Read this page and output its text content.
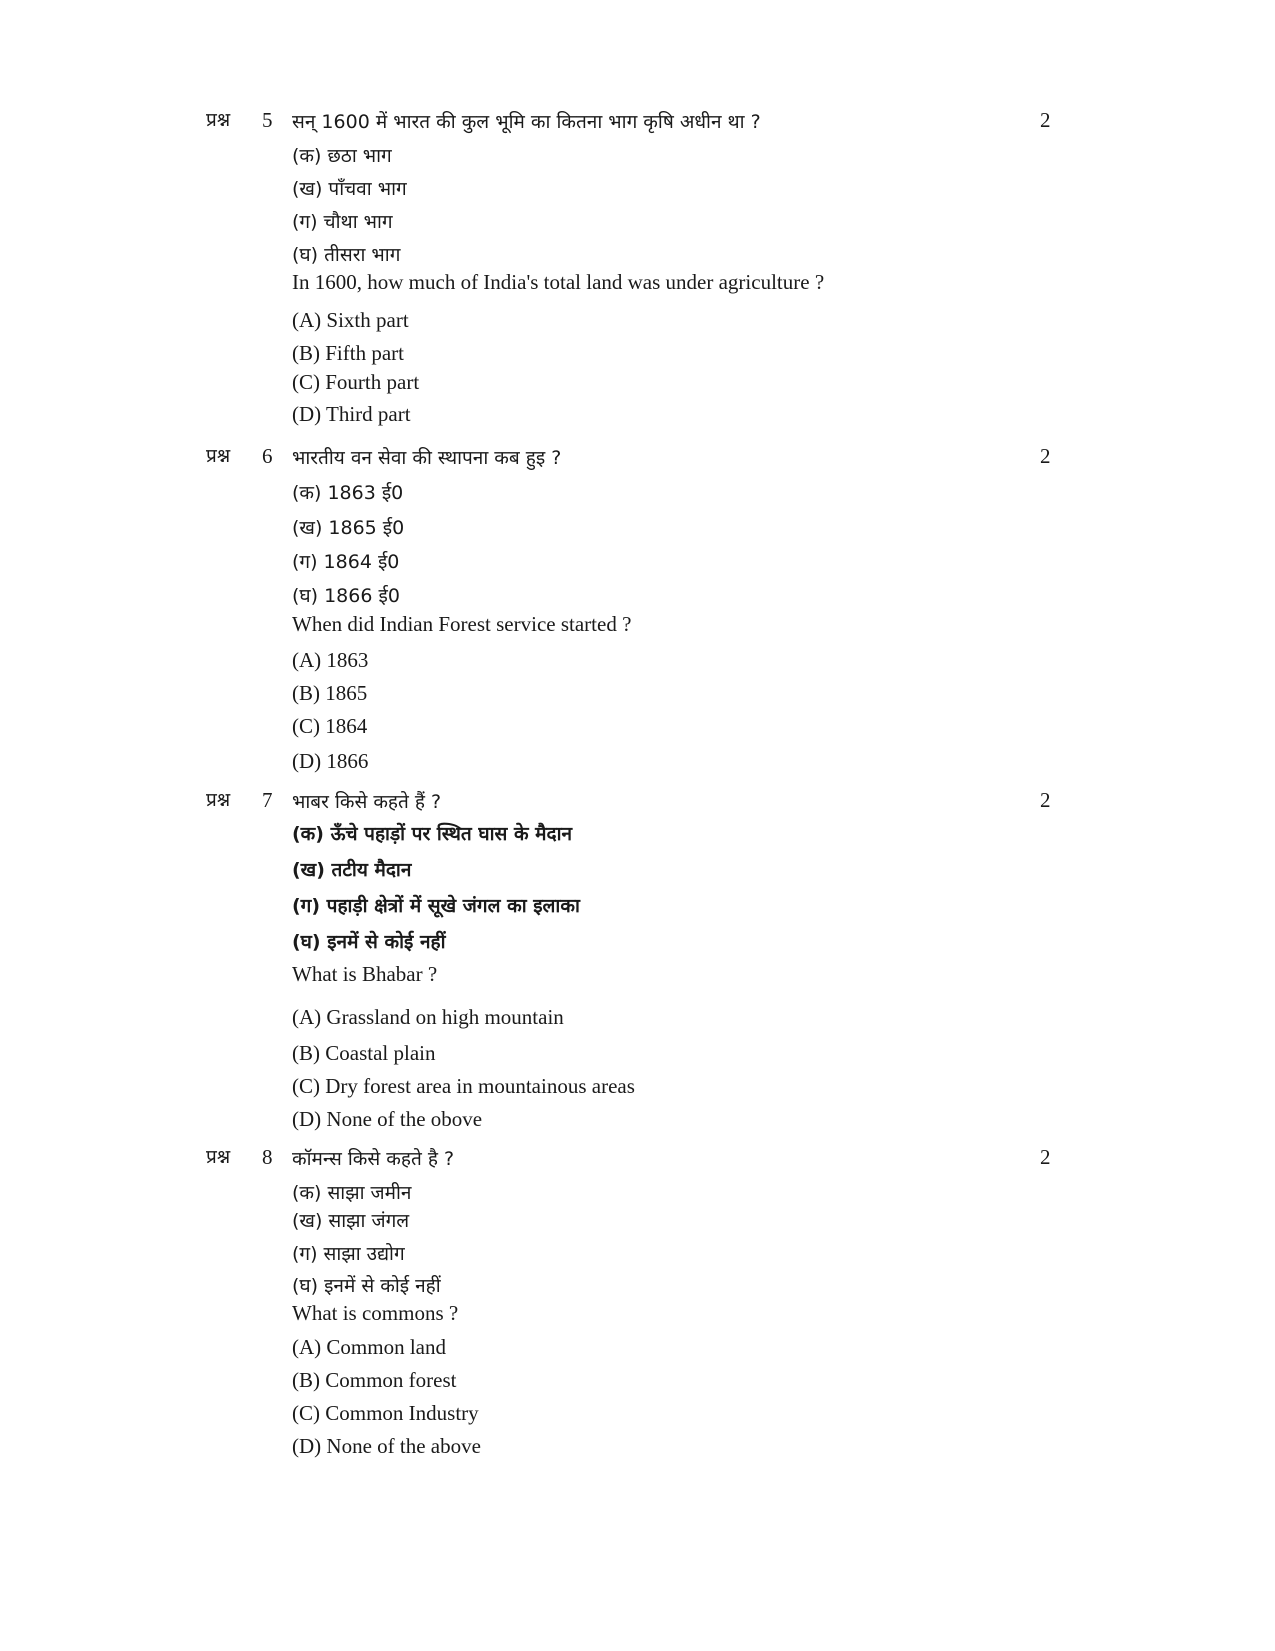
प्रश्न 5	2
सन् 1600 में भारत की कुल भूमि का कितना भाग कृषि अधीन था ?
(क) छठा भाग
(ख) पाँचवा भाग
(ग) चौथा भाग
(घ) तीसरा भाग
In 1600, how much of India's total land was under agriculture ?
(A) Sixth part
(B) Fifth part
(C) Fourth part
(D) Third part
प्रश्न 6	2
भारतीय वन सेवा की स्थापना कब हुइ ?
(क) 1863 ई0
(ख) 1865 ई0
(ग) 1864 ई0
(घ) 1866 ई0
When did Indian Forest service started ?
(A) 1863
(B) 1865
(C) 1864
(D) 1866
प्रश्न 7	2
भाबर किसे कहते हैं ?
(क) ऊँचे पहाड़ों पर स्थित घास के मैदान
(ख) तटीय मैदान
(ग) पहाड़ी क्षेत्रों में सूखे जंगल का इलाका
(घ) इनमें से कोई नहीं
What is Bhabar ?
(A) Grassland on high mountain
(B) Coastal plain
(C) Dry forest area in mountainous areas
(D) None of the obove
प्रश्न 8	2
कॉमन्स किसे कहते है ?
(क) साझा जमीन
(ख) साझा जंगल
(ग) साझा उद्योग
(घ) इनमें से कोई नहीं
What is commons ?
(A) Common land
(B) Common forest
(C) Common Industry
(D) None of the above
